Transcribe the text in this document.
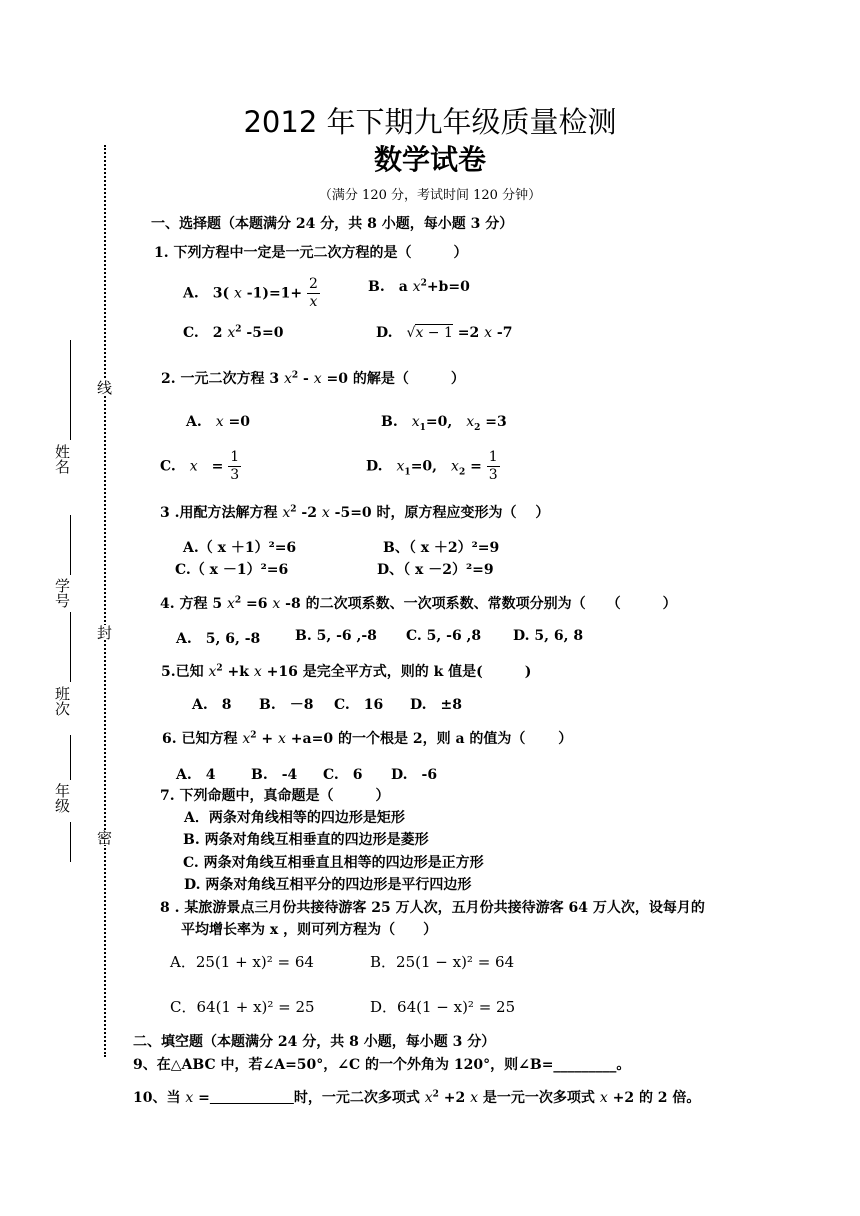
2012 年下期九年级质量检测
数学试卷
（满分 120 分，考试时间 120 分钟）
线
封
密
姓名
学号
班次
年级
一、选择题（本题满分 24 分，共 8 小题，每小题 3 分）
1. 下列方程中一定是一元二次方程的是（　　　）
A.　3( x $-1)=1+ \frac{2}{x}$	B.　a $x^2+b=0$
C.　2 $x^2$ -5=0	D.　√x − 1 =2 x -7
2. 一元二次方程 3 $x^2 - x =0$ 的解是（　　　）
A.　x =0	B.　$x_1=0$,　$x_2 =3$
C.　x　= $\frac{1}{3}$	D.　$x_1=0$,　$x_2 = \frac{1}{3}$
3 .用配方法解方程 $x^2$ -2 x -5=0 时，原方程应变形为（　 ）
A.（ x ＋1）²=6	B、（ x ＋2）²=9
C.（ x －1）²=6	D、（ x －2）²=9
4. 方程 5 $x^2 =6$ x -8 的二次项系数、一次项系数、常数项分别为（　　（　　　）
A.　5, 6, -8 B. 5, -6 ,-8 C. 5, -6 ,8 D. 5, 6, 8
5.已知 $x^2 +k$ x +16 是完全平方式，则的 k 值是(　　　)
A.　8 B.　－8 C.　16 D.　±8
6. 已知方程 $x^2 + x +a=0$ 的一个根是 2，则 a 的值为（　　 ）
A.　4	B.　-4 C.　6 D.　-6
7. 下列命题中，真命题是（　　　）
A．两条对角线相等的四边形是矩形
B. 两条对角线互相垂直的四边形是菱形
C. 两条对角线互相垂直且相等的四边形是正方形
D. 两条对角线互相平分的四边形是平行四边形
8 . 某旅游景点三月份共接待游客 25 万人次，五月份共接待游客 64 万人次，设每月的
平均增长率为 x ，则可列方程为（　　）
A．25(1 + x)² = 64	B．25(1 − x)² = 64
C．64(1 + x)² = 25	D．64(1 − x)² = 25
二、填空题（本题满分 24 分，共 8 小题，每小题 3 分）
9、在△ABC 中，若∠A=50°，∠C 的一个外角为 120°，则∠B=_________。
10、当 x =　　　　　　	时，一元二次多项式 $x^2 +2$ x 是一元一次多项式 x +2 的 2 倍。
